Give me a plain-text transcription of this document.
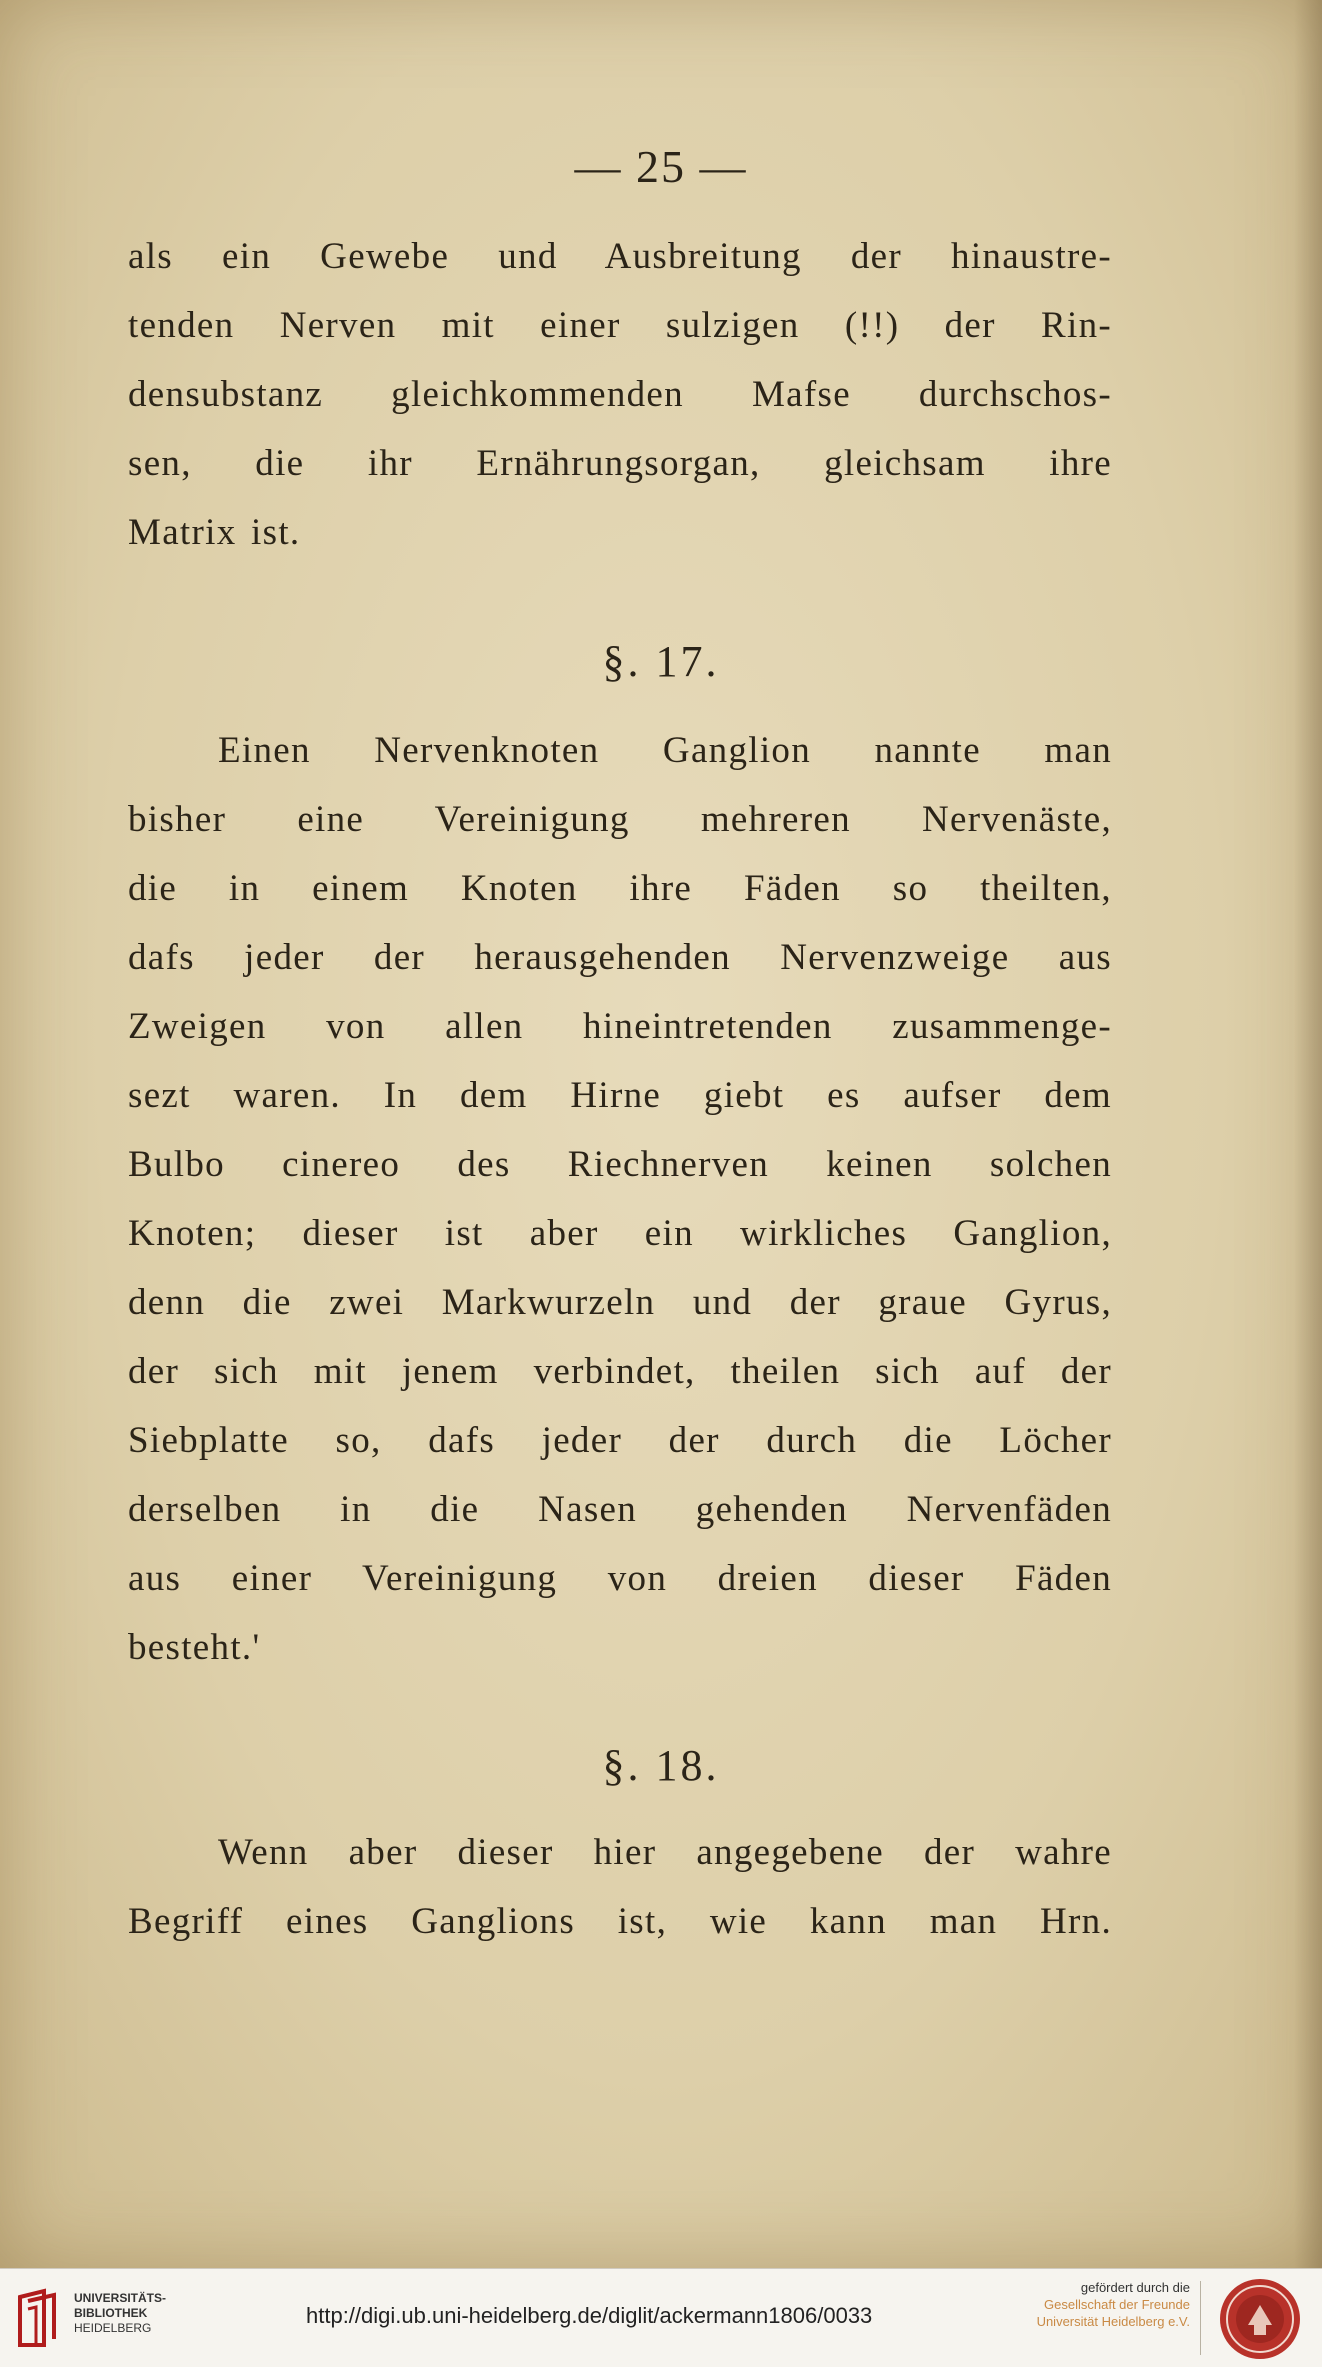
— 25 —
als ein Gewebe und Ausbreitung der hinaustre-
tenden Nerven mit einer sulzigen (!!) der Rin-
densubstanz gleichkommenden Mafse durchschos-
sen, die ihr Ernährungsorgan, gleichsam ihre
Matrix ist.
§. 17.
Einen Nervenknoten Ganglion nannte man
bisher eine Vereinigung mehreren Nervenäste,
die in einem Knoten ihre Fäden so theilten,
dafs jeder der herausgehenden Nervenzweige aus
Zweigen von allen hineintretenden zusammenge-
sezt waren. In dem Hirne giebt es aufser dem
Bulbo cinereo des Riechnerven keinen solchen
Knoten; dieser ist aber ein wirkliches Ganglion,
denn die zwei Markwurzeln und der graue Gyrus,
der sich mit jenem verbindet, theilen sich auf der
Siebplatte so, dafs jeder der durch die Löcher
derselben in die Nasen gehenden Nervenfäden
aus einer Vereinigung von dreien dieser Fäden
besteht.'
§. 18.
Wenn aber dieser hier angegebene der wahre
Begriff eines Ganglions ist, wie kann man Hrn.
UNIVERSITÄTS-
BIBLIOTHEK
HEIDELBERG	http://digi.ub.uni-heidelberg.de/diglit/ackermann1806/0033
gefördert durch die
Gesellschaft der Freunde
Universität Heidelberg e.V.
